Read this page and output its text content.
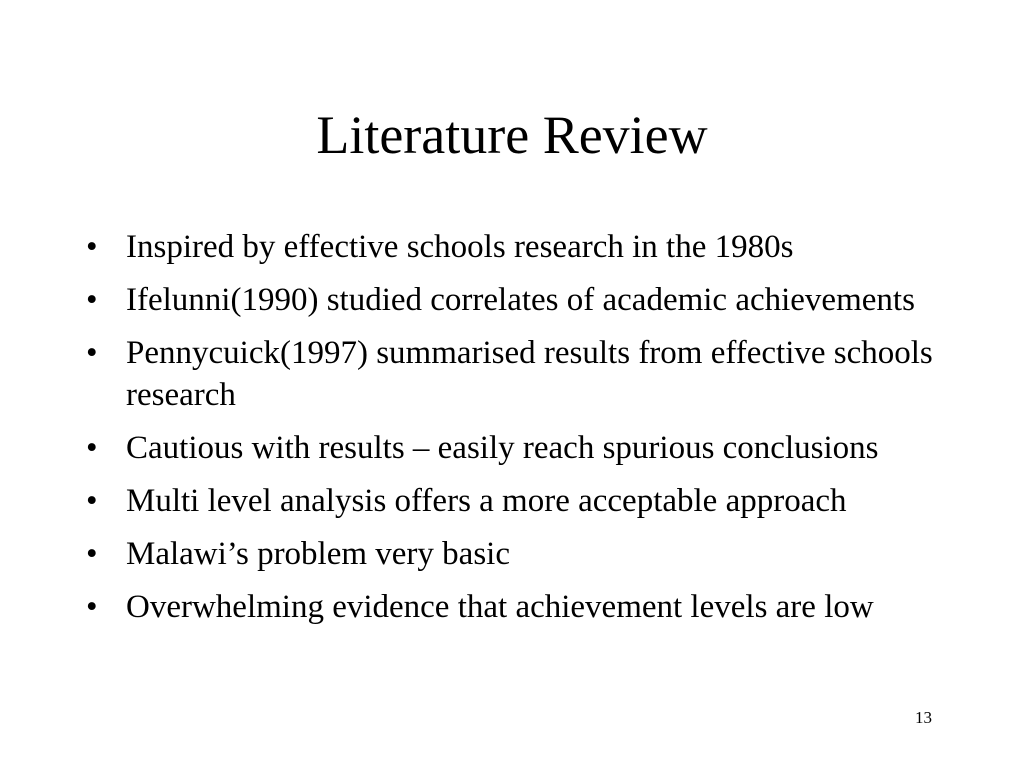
Literature Review
• Inspired by effective schools research in the 1980s
• Ifelunni(1990) studied correlates of academic achievements
• Pennycuick(1997) summarised results from effective schools research
• Cautious with results – easily reach spurious conclusions
• Multi level analysis offers a more acceptable approach
• Malawi’s problem very basic
• Overwhelming evidence that achievement levels are low
13
